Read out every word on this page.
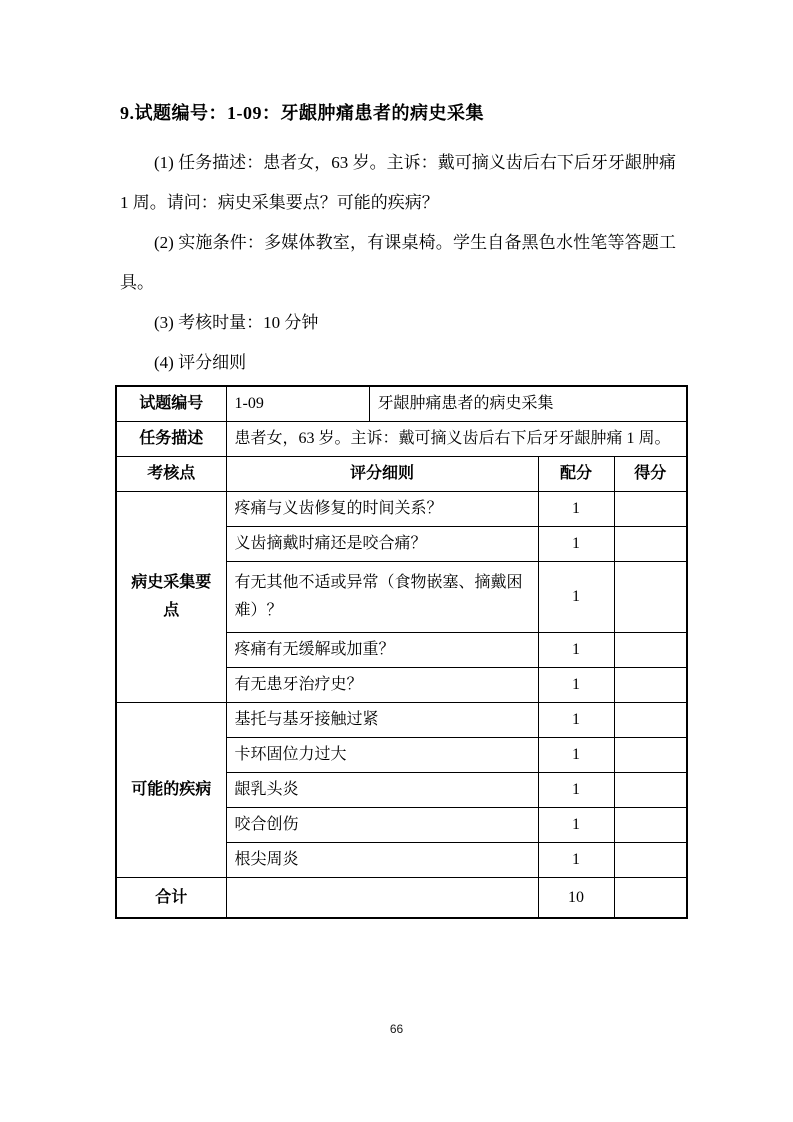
9.试题编号：1-09：牙龈肿痛患者的病史采集

(1) 任务描述：患者女，63 岁。主诉：戴可摘义齿后右下后牙牙龈肿痛 1 周。请问：病史采集要点？可能的疾病？

(2) 实施条件：多媒体教室，有课桌椅。学生自备黑色水性笔等答题工具。

(3) 考核时量：10 分钟

(4) 评分细则

试题编号	1-09	牙龈肿痛患者的病史采集		
任务描述	患者女，63 岁。主诉：戴可摘义齿后右下后牙牙龈肿痛 1 周。			
考核点	评分细则		配分	得分
病史采集要点	疼痛与义齿修复的时间关系？		1	
	义齿摘戴时痛还是咬合痛？		1	
	有无其他不适或异常（食物嵌塞、摘戴困难）？		1	
	疼痛有无缓解或加重？		1	
	有无患牙治疗史？		1	
可能的疾病	基托与基牙接触过紧		1	
	卡环固位力过大		1	
	龈乳头炎		1	
	咬合创伤		1	
	根尖周炎		1	
合计			10	
66
